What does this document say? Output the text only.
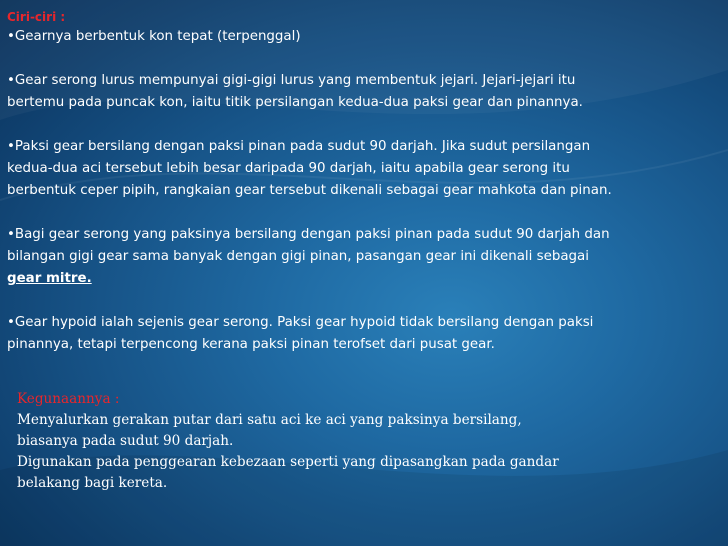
Ciri-ciri :

•Gearnya berbentuk kon tepat (terpenggal)

•Gear serong lurus mempunyai gigi-gigi lurus yang membentuk jejari. Jejari-jejari itu

bertemu pada puncak kon, iaitu titik persilangan kedua-dua paksi gear dan pinannya.

•Paksi gear bersilang dengan paksi pinan pada sudut 90 darjah. Jika sudut persilangan

kedua-dua aci tersebut lebih besar daripada 90 darjah, iaitu apabila gear serong itu

berbentuk ceper pipih, rangkaian gear tersebut dikenali sebagai gear mahkota dan pinan.

•Bagi gear serong yang paksinya bersilang dengan paksi pinan pada sudut 90 darjah dan

bilangan gigi gear sama banyak dengan gigi pinan, pasangan gear ini dikenali sebagai

gear mitre.

•Gear hypoid ialah sejenis gear serong. Paksi gear hypoid tidak bersilang dengan paksi

pinannya, tetapi terpencong kerana paksi pinan terofset dari pusat gear.

Kegunaannya :
Menyalurkan gerakan putar dari satu aci ke aci yang paksinya bersilang,
biasanya pada sudut 90 darjah.
Digunakan pada penggearan kebezaan seperti yang dipasangkan pada gandar
belakang bagi kereta.
